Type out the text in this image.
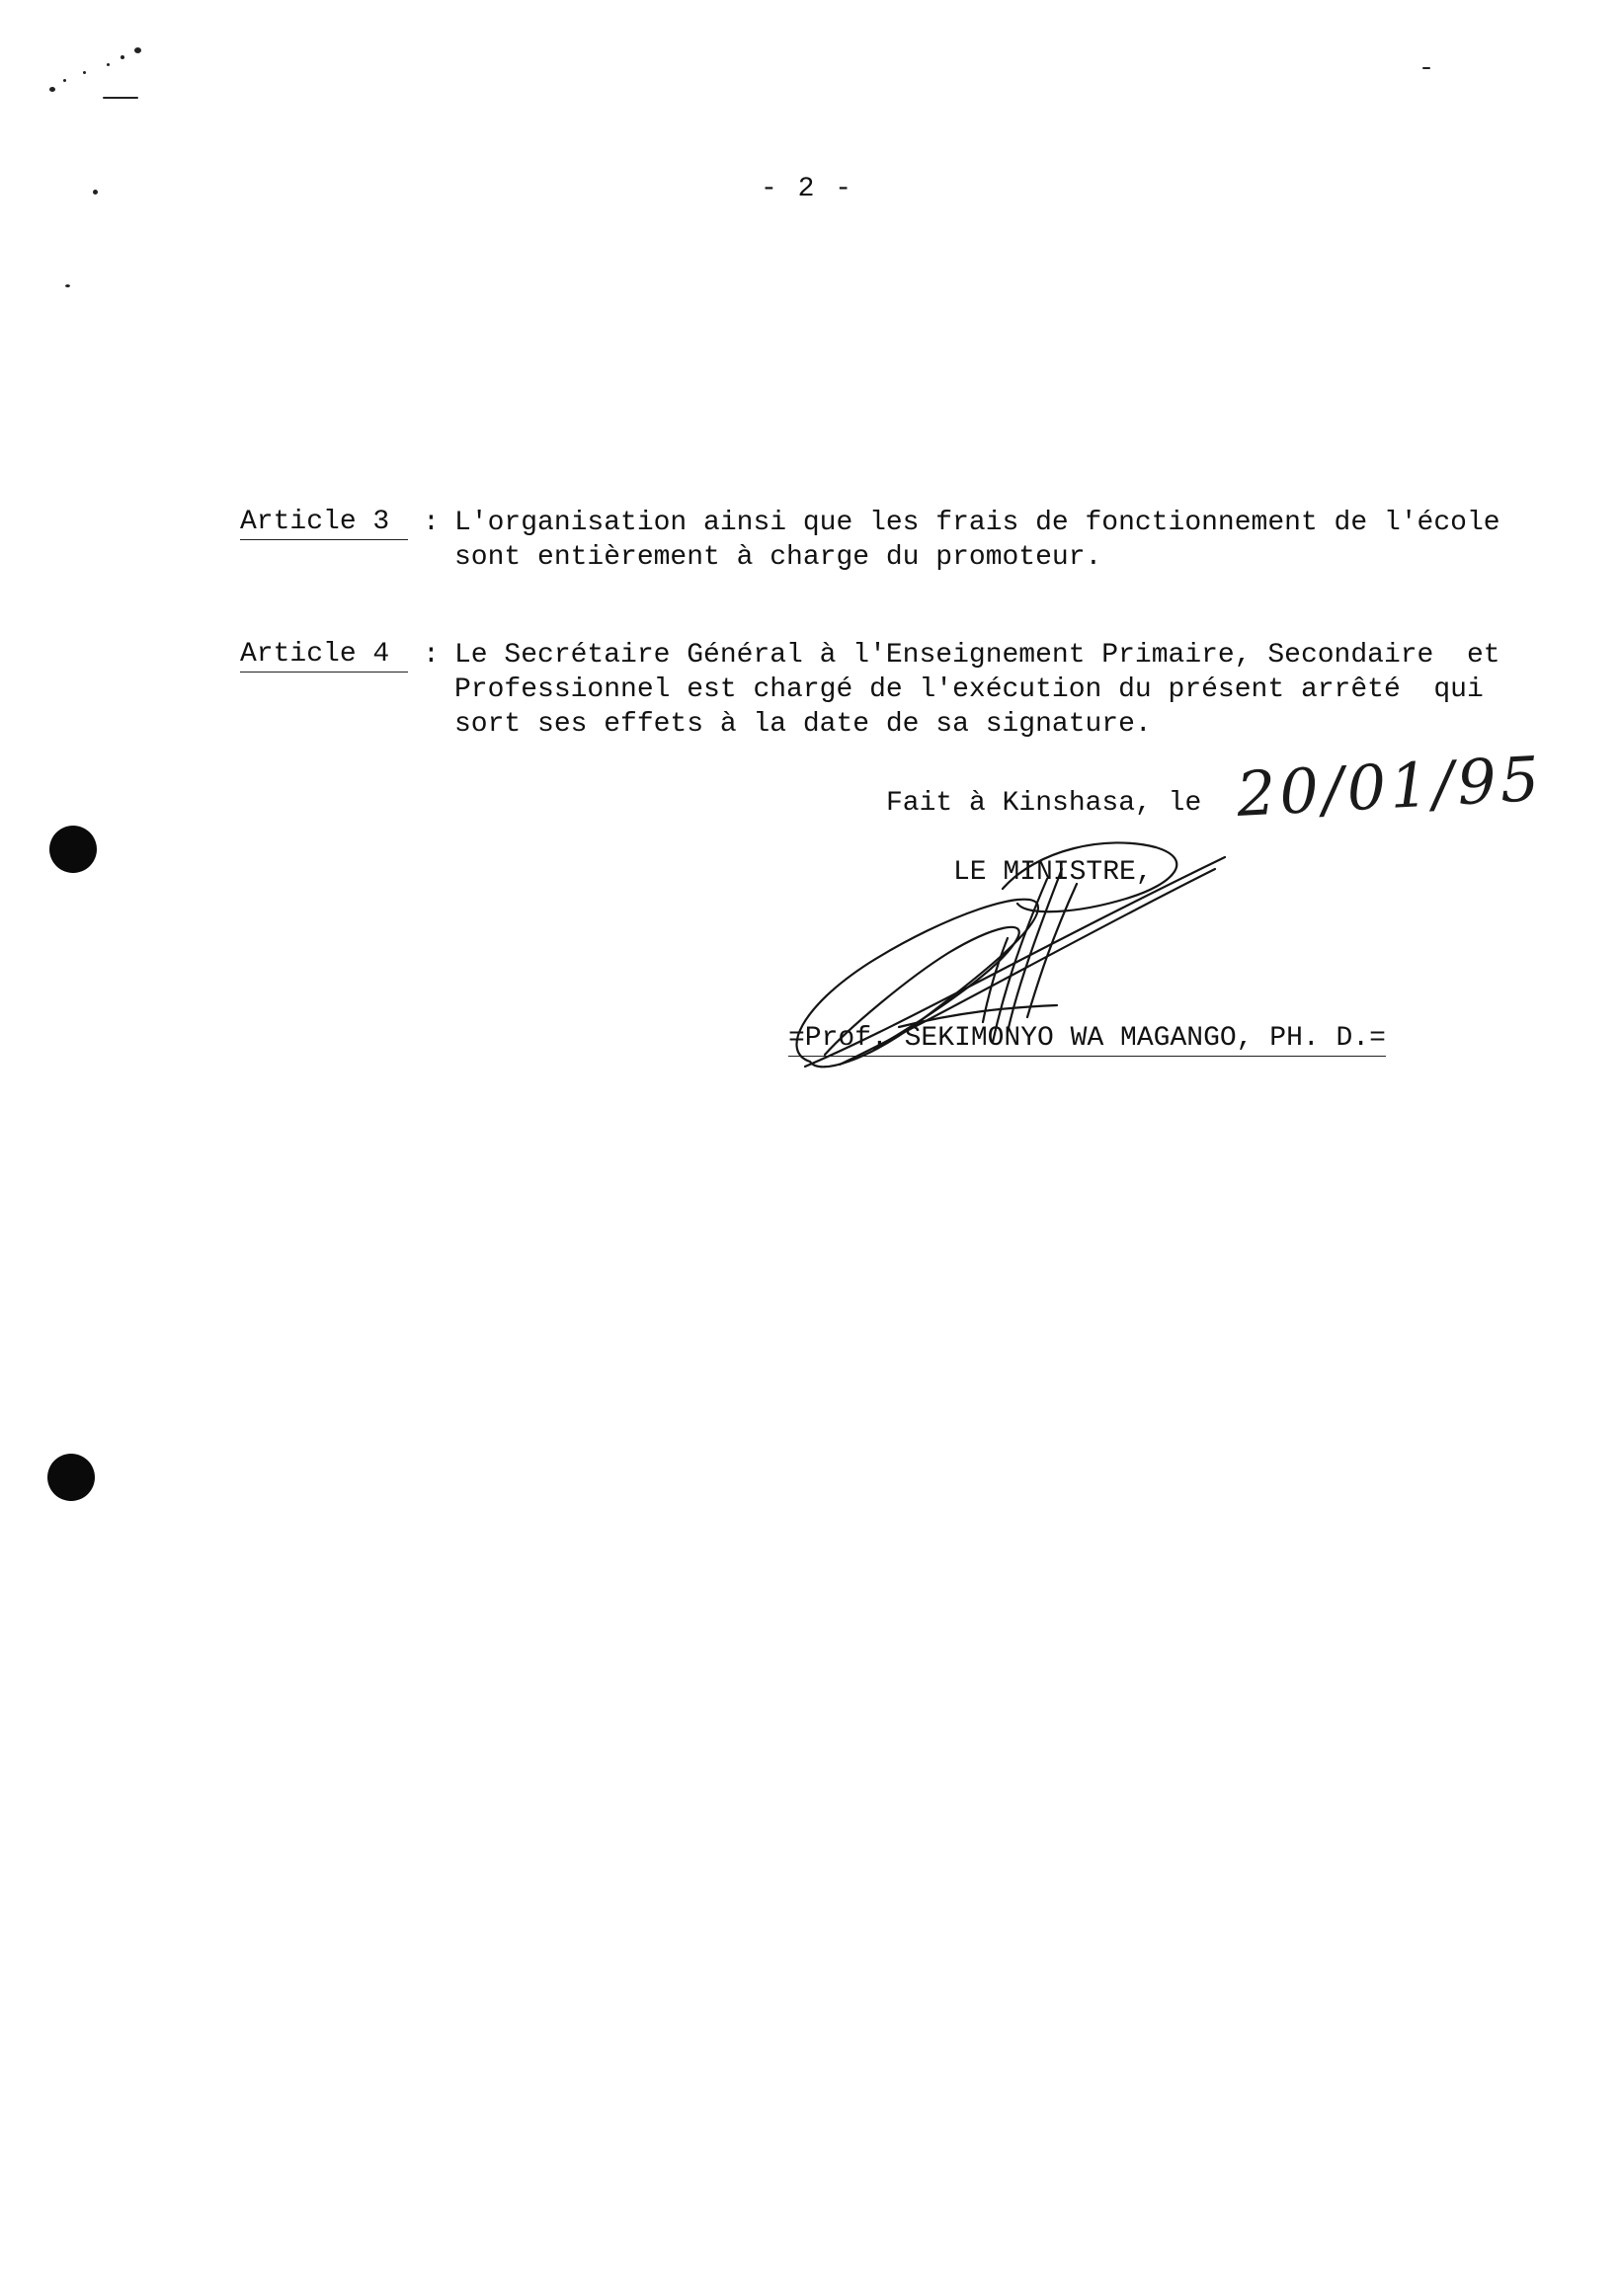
- 2 -
Article 3	: L'organisation ainsi que les frais de fonctionnement de l'école
sont entièrement à charge du promoteur.
Article 4	: Le Secrétaire Général à l'Enseignement Primaire, Secondaire  et
Professionnel est chargé de l'exécution du présent arrêté  qui
sort ses effets à la date de sa signature.
Fait à Kinshasa, le 20/01/95
LE MINISTRE,
=Prof. SEKIMONYO WA MAGANGO, PH. D.=
